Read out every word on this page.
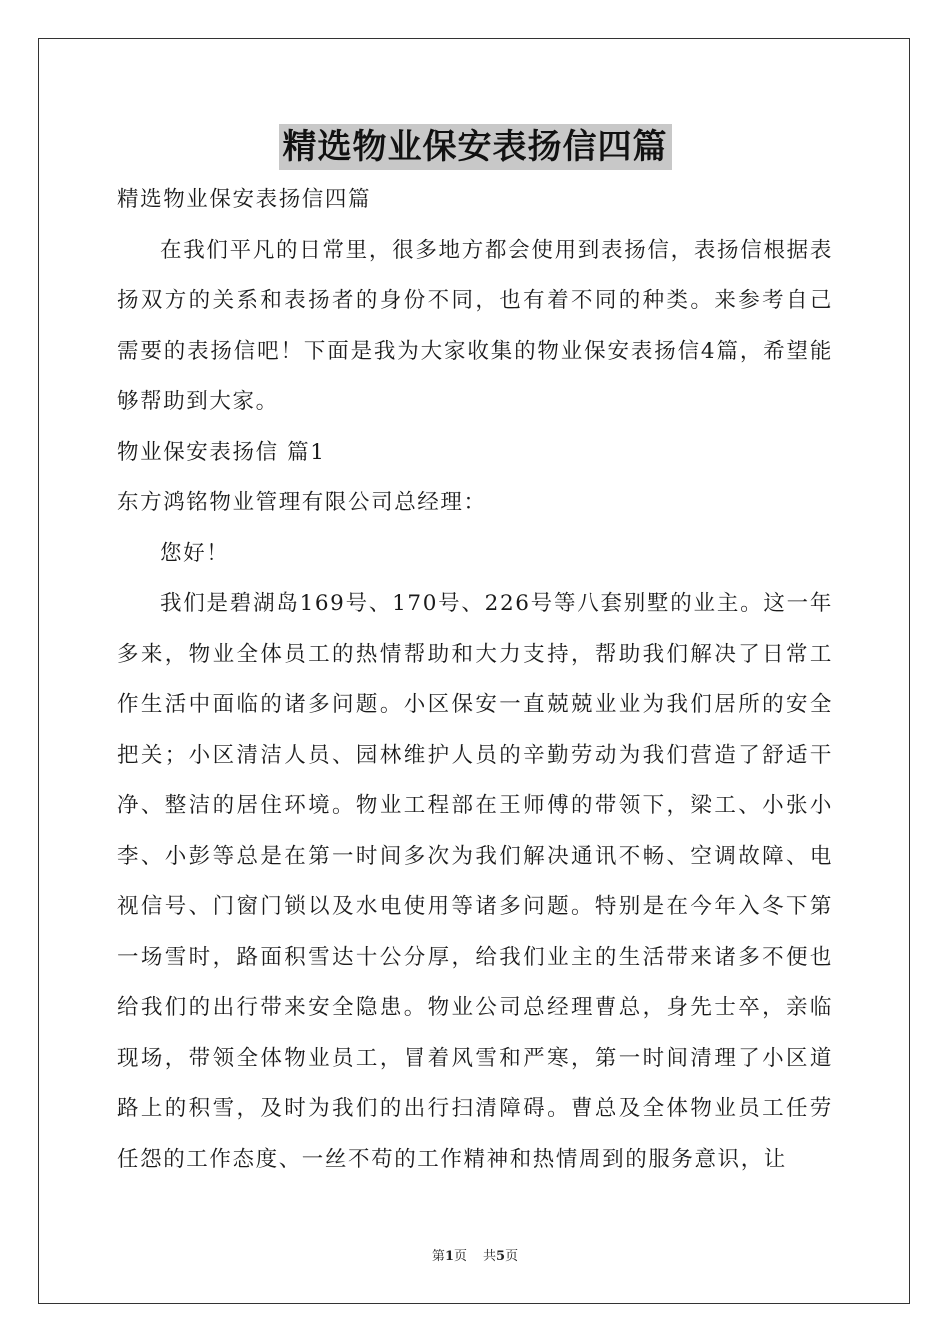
精选物业保安表扬信四篇

精选物业保安表扬信四篇

在我们平凡的日常里，很多地方都会使用到表扬信，表扬信根据表扬双方的关系和表扬者的身份不同，也有着不同的种类。来参考自己需要的表扬信吧！下面是我为大家收集的物业保安表扬信4篇，希望能够帮助到大家。

物业保安表扬信 篇1

东方鸿铭物业管理有限公司总经理：

您好！

我们是碧湖岛169号、170号、226号等八套别墅的业主。这一年多来，物业全体员工的热情帮助和大力支持，帮助我们解决了日常工作生活中面临的诸多问题。小区保安一直兢兢业业为我们居所的安全把关；小区清洁人员、园林维护人员的辛勤劳动为我们营造了舒适干净、整洁的居住环境。物业工程部在王师傅的带领下，梁工、小张小李、小彭等总是在第一时间多次为我们解决通讯不畅、空调故障、电视信号、门窗门锁以及水电使用等诸多问题。特别是在今年入冬下第一场雪时，路面积雪达十公分厚，给我们业主的生活带来诸多不便也给我们的出行带来安全隐患。物业公司总经理曹总，身先士卒，亲临现场，带领全体物业员工，冒着风雪和严寒，第一时间清理了小区道路上的积雪，及时为我们的出行扫清障碍。曹总及全体物业员工任劳任怨的工作态度、一丝不苟的工作精神和热情周到的服务意识，让

第1页 共5页
